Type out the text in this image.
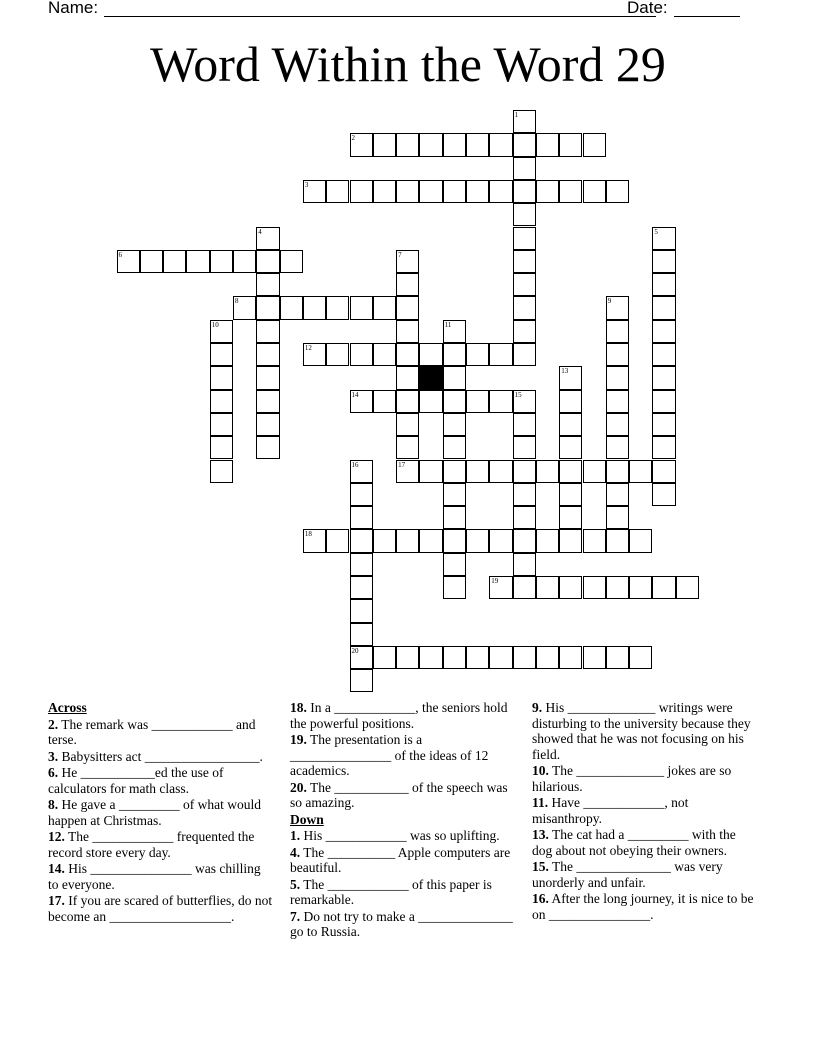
Name:	Date:
Word Within the Word 29
1
2
3
4	5
6	7
17
8	9
10	11
12
13
14	15
16
20
18
19
Across
2. The remark was ____________ and terse.
3. Babysitters act _________________.
6. He ___________ed the use of calculators for math class.
8. He gave a _________ of what would happen at Christmas.
12. The ____________ frequented the record store every day.
14. His _______________ was chilling to everyone.
17. If you are scared of butterflies, do not become an __________________.
18. In a ____________, the seniors hold the powerful positions.
19. The presentation is a _______________ of the ideas of 12 academics.
20. The ___________ of the speech was so amazing.
Down
1. His ____________ was so uplifting.
4. The __________ Apple computers are beautiful.
5. The ____________ of this paper is remarkable.
7. Do not try to make a ______________ go to Russia.
9. His _____________ writings were disturbing to the university because they showed that he was not focusing on his field.
10. The _____________ jokes are so hilarious.
11. Have ____________, not misanthropy.
13. The cat had a _________ with the dog about not obeying their owners.
15. The ______________ was very unorderly and unfair.
16. After the long journey, it is nice to be on _______________.
